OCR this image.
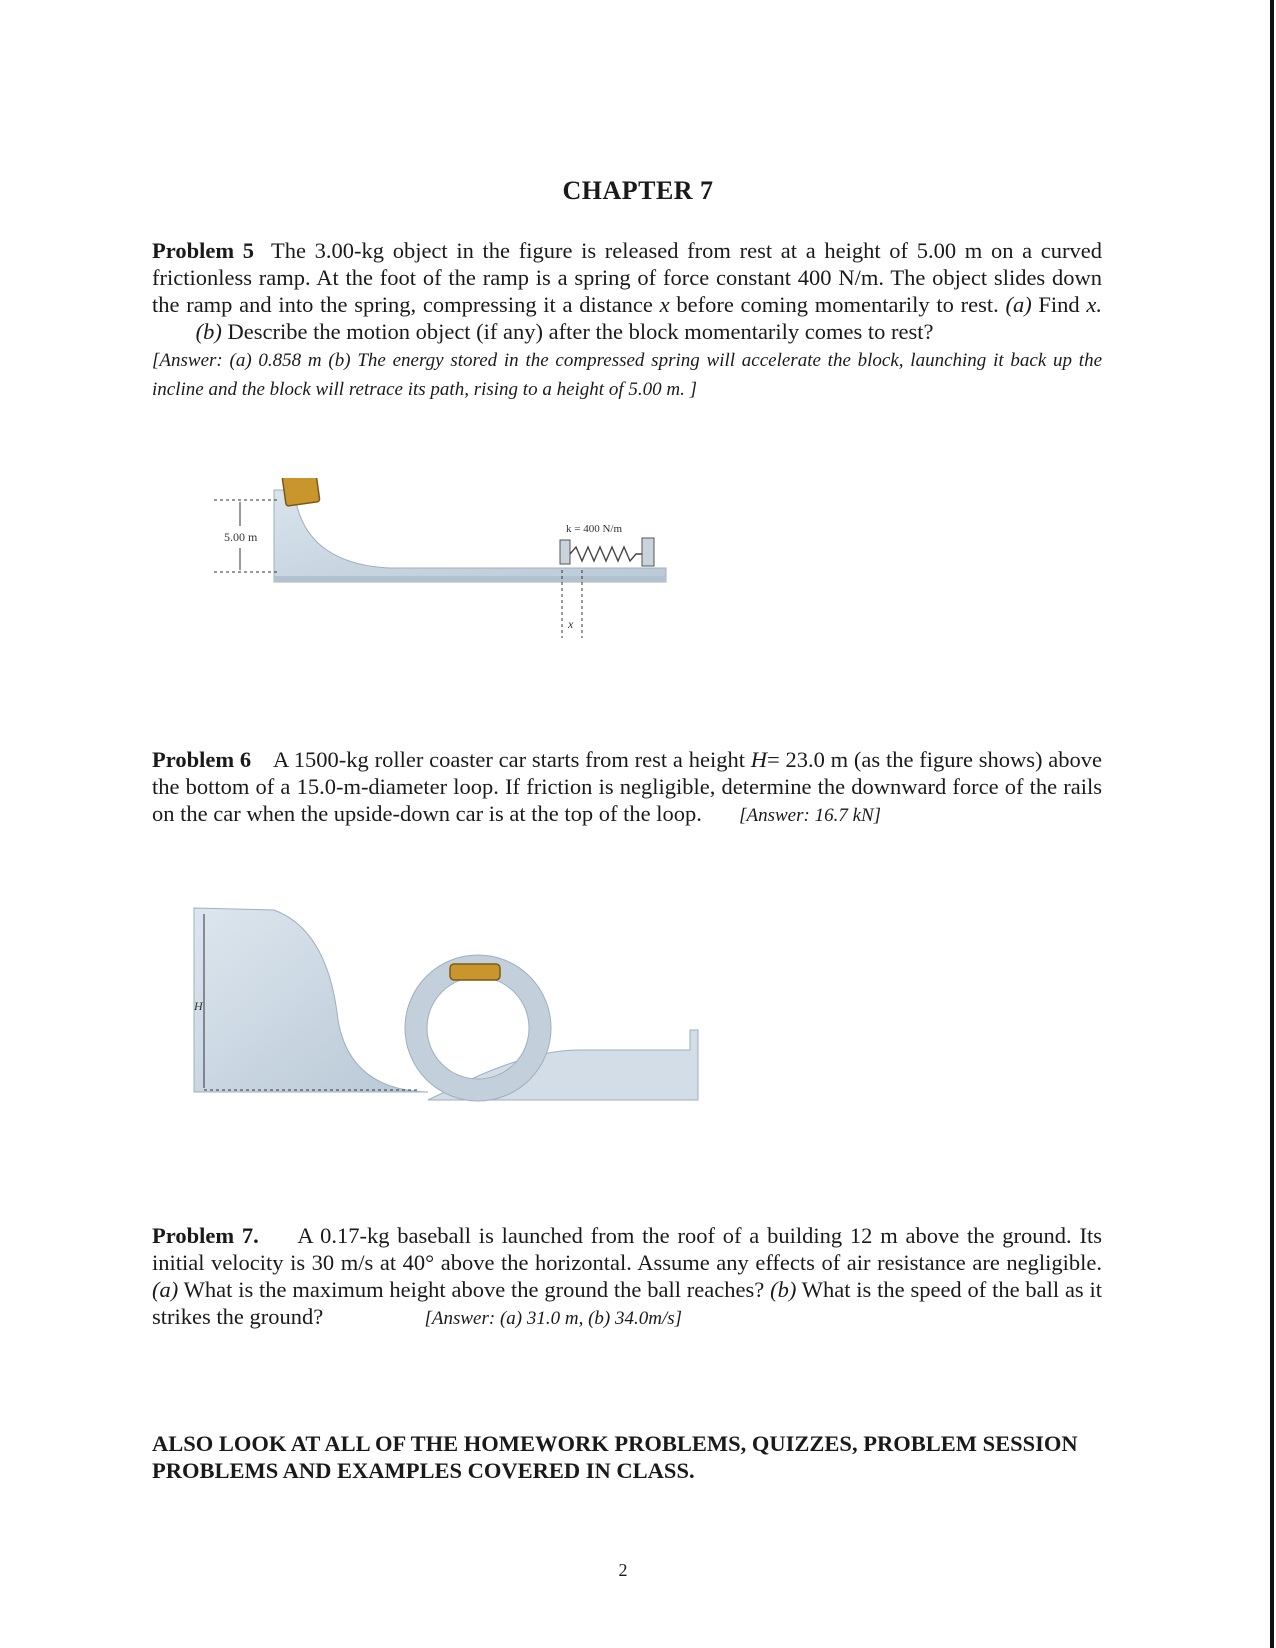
CHAPTER 7
Problem 5 The 3.00-kg object in the figure is released from rest at a height of 5.00 m on a curved frictionless ramp. At the foot of the ramp is a spring of force constant 400 N/m. The object slides down the ramp and into the spring, compressing it a distance x before coming momentarily to rest. (a) Find x.  (b) Describe the motion object (if any) after the block momentarily comes to rest?
[Answer: (a) 0.858 m (b) The energy stored in the compressed spring will accelerate the block, launching it back up the incline and the block will retrace its path, rising to a height of 5.00 m. ]
5.00 m
k = 400 N/m
x
Problem 6 A 1500-kg roller coaster car starts from rest a height H= 23.0 m (as the figure shows) above the bottom of a 15.0-m-diameter loop. If friction is negligible, determine the downward force of the rails on the car when the upside-down car is at the top of the loop. [Answer: 16.7 kN]
H
Problem 7. A 0.17-kg baseball is launched from the roof of a building 12 m above the ground. Its initial velocity is 30 m/s at 40° above the horizontal. Assume any effects of air resistance are negligible. (a) What is the maximum height above the ground the ball reaches? (b) What is the speed of the ball as it strikes the ground?	[Answer: (a) 31.0 m, (b) 34.0m/s]
ALSO LOOK AT ALL OF THE HOMEWORK PROBLEMS, QUIZZES, PROBLEM SESSION PROBLEMS AND EXAMPLES COVERED IN CLASS.
2
